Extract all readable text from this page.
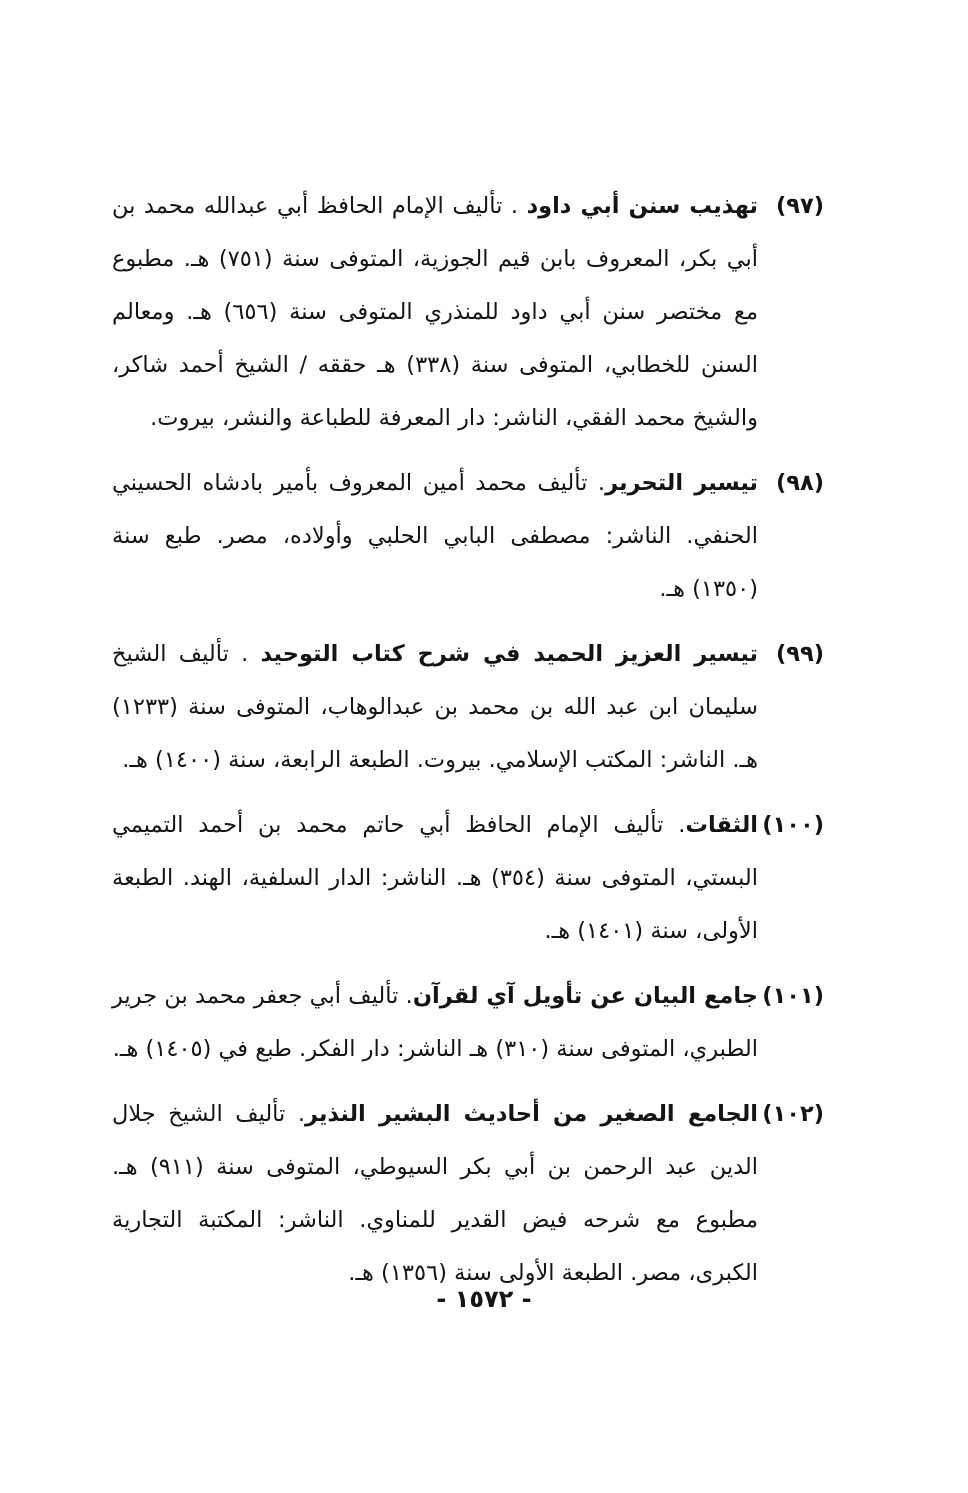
(٩٧)
تهذيب سنن أبي داود . تأليف الإمام الحافظ أبي عبدالله محمد بن أبي بكر، المعروف بابن قيم الجوزية، المتوفى سنة (٧٥١) هـ. مطبوع مع مختصر سنن أبي داود للمنذري المتوفى سنة (٦٥٦) هـ. ومعالم السنن للخطابي، المتوفى سنة (٣٣٨) هـ حققه / الشيخ أحمد شاكر، والشيخ محمد الفقي، الناشر: دار المعرفة للطباعة والنشر، بيروت.
(٩٨)
تيسير التحرير. تأليف محمد أمين المعروف بأمير بادشاه الحسيني الحنفي. الناشر: مصطفى البابي الحلبي وأولاده، مصر. طبع سنة (١٣٥٠) هـ.
(٩٩)
تيسير العزيز الحميد في شرح كتاب التوحيد . تأليف الشيخ سليمان ابن عبد الله بن محمد بن عبدالوهاب، المتوفى سنة (١٢٣٣) هـ. الناشر: المكتب الإسلامي. بيروت. الطبعة الرابعة، سنة (١٤٠٠) هـ.
(١٠٠)
الثقات. تأليف الإمام الحافظ أبي حاتم محمد بن أحمد التميمي البستي، المتوفى سنة (٣٥٤) هـ. الناشر: الدار السلفية، الهند. الطبعة الأولى، سنة (١٤٠١) هـ.
(١٠١)
جامع البيان عن تأويل آي لقرآن. تأليف أبي جعفر محمد بن جرير الطبري، المتوفى سنة (٣١٠) هـ الناشر: دار الفكر. طبع في (١٤٠٥) هـ.
(١٠٢)
الجامع الصغير من أحاديث البشير النذير. تأليف الشيخ جلال الدين عبد الرحمن بن أبي بكر السيوطي، المتوفى سنة (٩١١) هـ. مطبوع مع شرحه فيض القدير للمناوي. الناشر: المكتبة التجارية الكبرى، مصر. الطبعة الأولى سنة (١٣٥٦) هـ.
- ١٥٧٢ -
